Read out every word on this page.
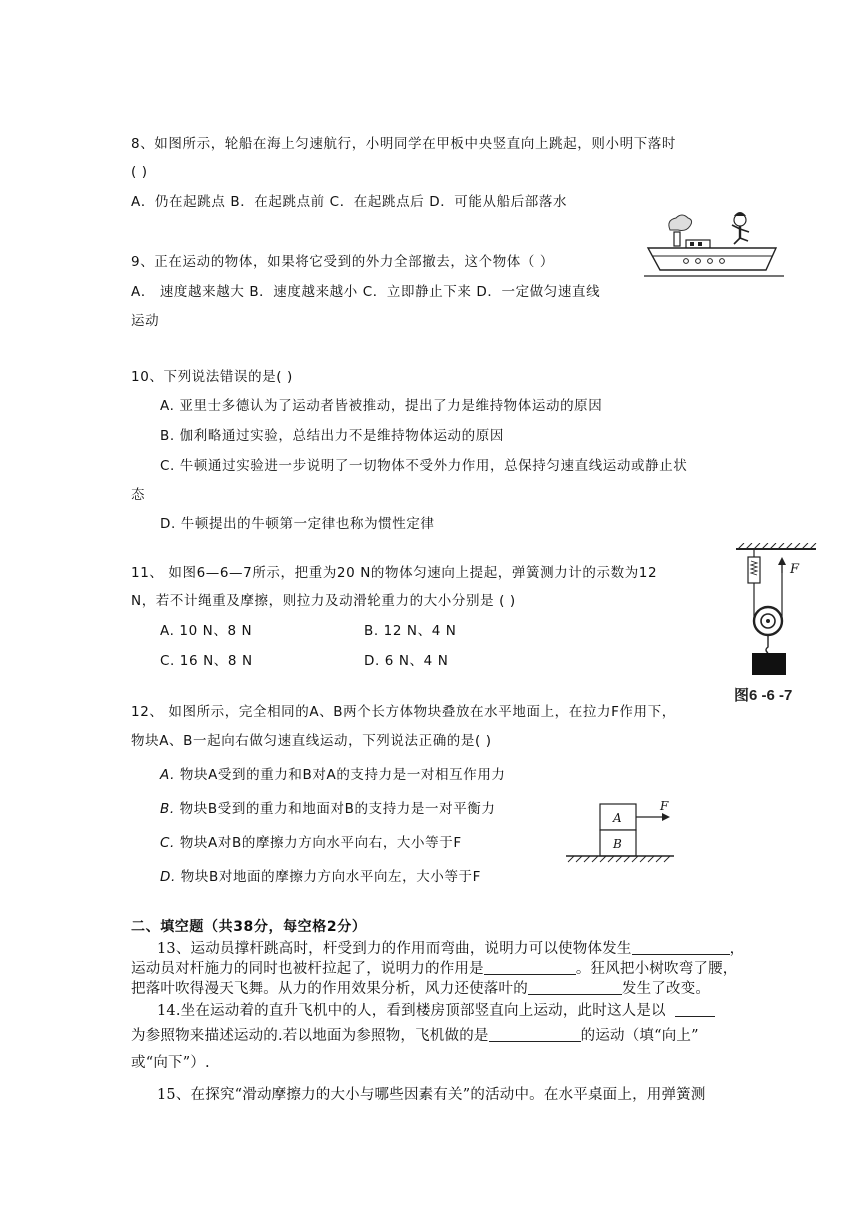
8、如图所示，轮船在海上匀速航行，小明同学在甲板中央竖直向上跳起，则小明下落时
( )
A．仍在起跳点 B．在起跳点前 C．在起跳点后 D．可能从船后部落水
9、正在运动的物体，如果将它受到的外力全部撤去，这个物体（ ）
A． 速度越来越大 B．速度越来越小 C．立即静止下来 D．一定做匀速直线
运动
10、下列说法错误的是( )
A. 亚里士多德认为了运动者皆被推动，提出了力是维持物体运动的原因
B. 伽利略通过实验，总结出力不是维持物体运动的原因
C. 牛顿通过实验进一步说明了一切物体不受外力作用，总保持匀速直线运动或静止状
态
D. 牛顿提出的牛顿第一定律也称为惯性定律
11、 如图6—6—7所示，把重为20 N的物体匀速向上提起，弹簧测力计的示数为12
N，若不计绳重及摩擦，则拉力及动滑轮重力的大小分别是 ( )
A. 10 N、8 N	B. 12 N、4 N
C. 16 N、8 N	D. 6 N、4 N
F
图6 -6 -7
12、 如图所示，完全相同的A、B两个长方体物块叠放在水平地面上，在拉力F作用下，
物块A、B一起向右做匀速直线运动，下列说法正确的是( )
A. 物块A受到的重力和B对A的支持力是一对相互作用力
B. 物块B受到的重力和地面对B的支持力是一对平衡力
C. 物块A对B的摩擦力方向水平向右，大小等于F
D. 物块B对地面的摩擦力方向水平向左，大小等于F
A
B
F
二、填空题（共38分，每空格2分）
13、运动员撑杆跳高时，杆受到力的作用而弯曲，说明力可以使物体发生	，
运动员对杆施力的同时也被杆拉起了，说明力的作用是	。狂风把小树吹弯了腰，
把落叶吹得漫天飞舞。从力的作用效果分析，风力还使落叶的	发生了改变。
14.坐在运动着的直升飞机中的人，看到楼房顶部竖直向上运动，此时这人是以
为参照物来描述运动的.若以地面为参照物，飞机做的是	的运动（填“向上”
或“向下”）.
15、在探究“滑动摩擦力的大小与哪些因素有关”的活动中。在水平桌面上，用弹簧测
